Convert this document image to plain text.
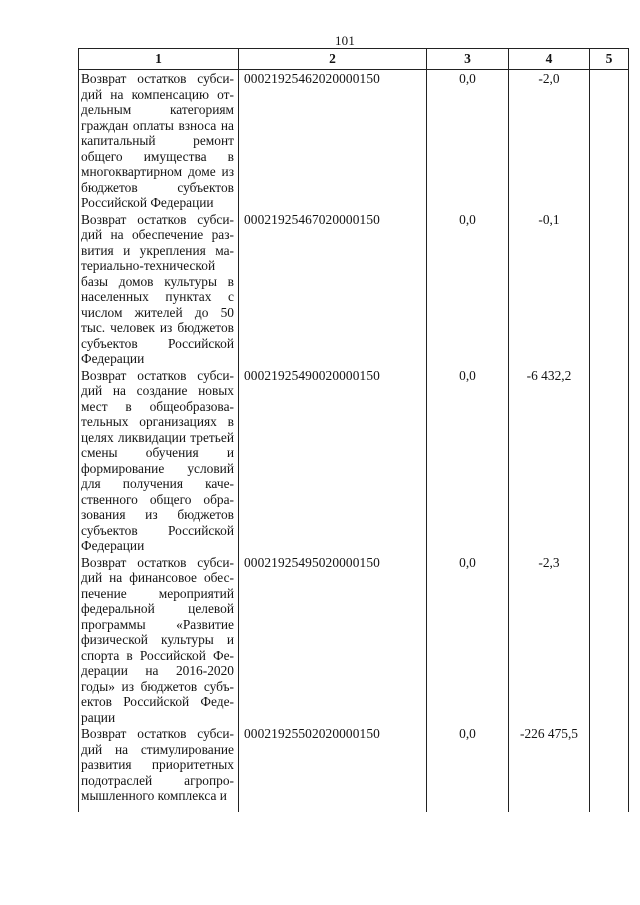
101
1	2	3	4	5
Возврат остатков субсидий на компенсацию отдельным категориям граждан оплаты взноса на капитальный ремонт общего имущества в многоквартирном доме из бюджетов субъектов Российской Федерации	00021925462020000150	0,0	-2,0	
Возврат остатков субсидий на обеспечение развития и укрепления материально-технической базы домов культуры в населенных пунктах с числом жителей до 50 тыс. человек из бюджетов субъектов Российской Федерации	00021925467020000150	0,0	-0,1	
Возврат остатков субсидий на создание новых мест в общеобразовательных организациях в целях ликвидации третьей смены обучения и формирование условий для получения качественного общего образования из бюджетов субъектов Российской Федерации	00021925490020000150	0,0	-6 432,2	
Возврат остатков субсидий на финансовое обеспечение мероприятий федеральной целевой программы «Развитие физической культуры и спорта в Российской Федерации на 2016-2020 годы» из бюджетов субъектов Российской Федерации	00021925495020000150	0,0	-2,3	
Возврат остатков субсидий на стимулирование развития приоритетных подотраслей агропромышленного комплекса и	00021925502020000150	0,0	-226 475,5	
